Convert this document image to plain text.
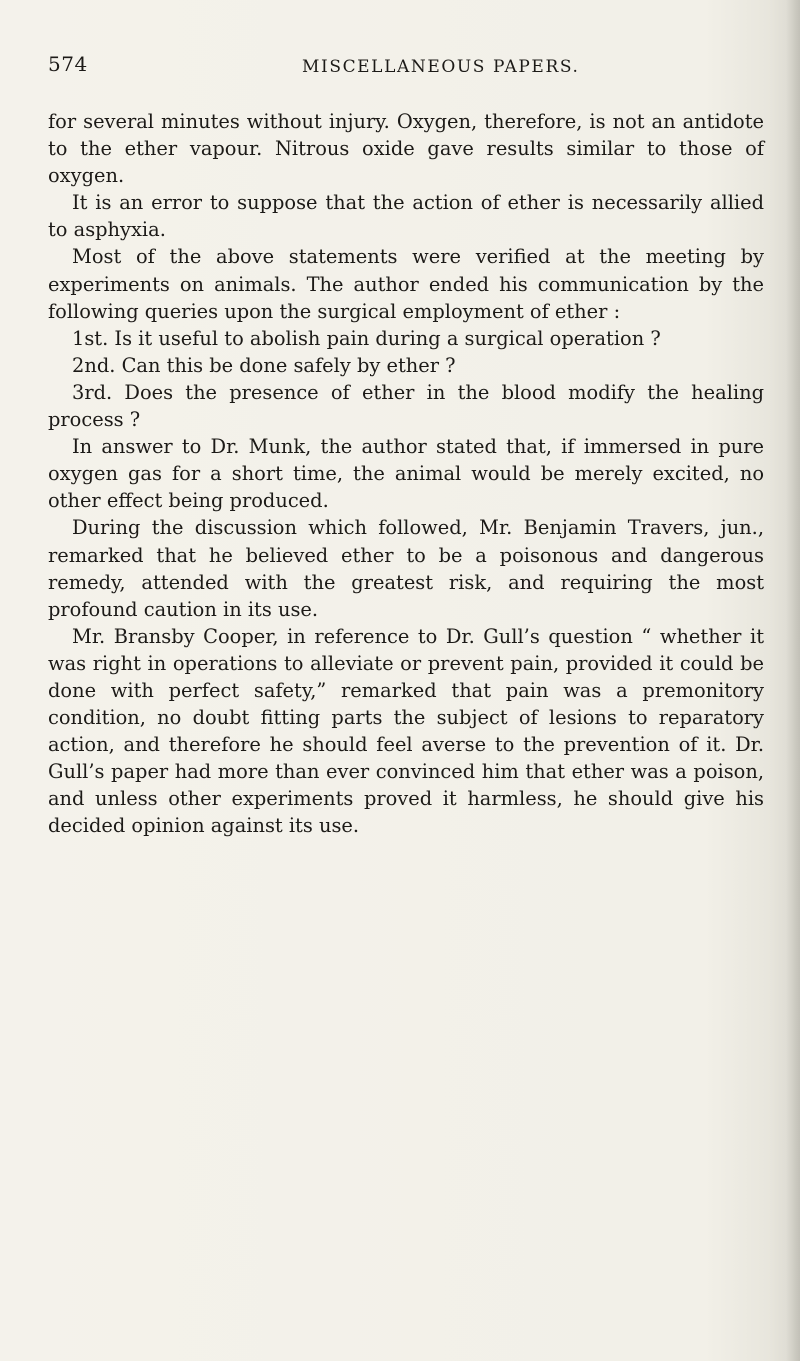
574	MISCELLANEOUS PAPERS.

for several minutes without injury. Oxygen, therefore, is not an antidote to the ether vapour. Nitrous oxide gave results similar to those of oxygen.

It is an error to suppose that the action of ether is necessarily allied to asphyxia.

Most of the above statements were verified at the meeting by experiments on animals. The author ended his communication by the following queries upon the surgical employment of ether :

1st. Is it useful to abolish pain during a surgical operation ?

2nd. Can this be done safely by ether ?

3rd. Does the presence of ether in the blood modify the healing process ?

In answer to Dr. Munk, the author stated that, if immersed in pure oxygen gas for a short time, the animal would be merely excited, no other effect being produced.

During the discussion which followed, Mr. Benjamin Travers, jun., remarked that he believed ether to be a poisonous and dangerous remedy, attended with the greatest risk, and requiring the most profound caution in its use.

Mr. Bransby Cooper, in reference to Dr. Gull’s question “ whether it was right in operations to alleviate or prevent pain, provided it could be done with perfect safety,” remarked that pain was a premonitory condition, no doubt fitting parts the subject of lesions to reparatory action, and therefore he should feel averse to the prevention of it. Dr. Gull’s paper had more than ever convinced him that ether was a poison, and unless other experiments proved it harmless, he should give his decided opinion against its use.
